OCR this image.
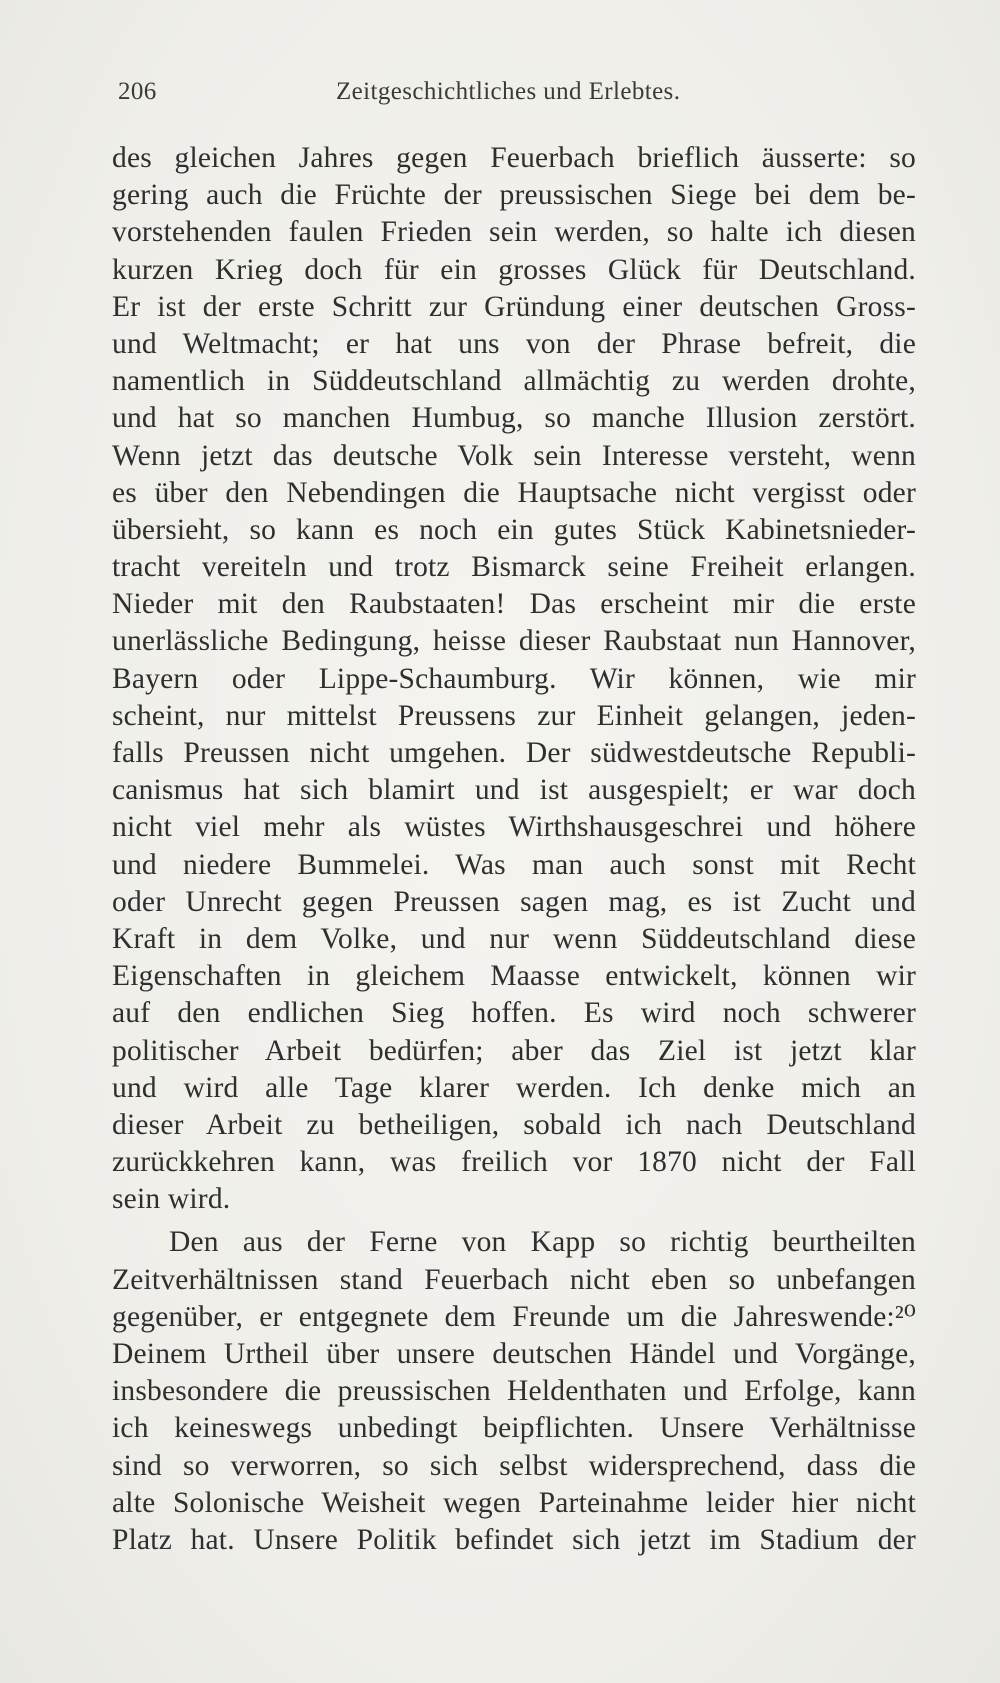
206	Zeitgeschichtliches und Erlebtes.
des gleichen Jahres gegen Feuerbach brieflich äusserte: so
gering auch die Früchte der preussischen Siege bei dem be-
vorstehenden faulen Frieden sein werden, so halte ich diesen
kurzen Krieg doch für ein grosses Glück für Deutschland.
Er ist der erste Schritt zur Gründung einer deutschen Gross-
und Weltmacht; er hat uns von der Phrase befreit, die
namentlich in Süddeutschland allmächtig zu werden drohte,
und hat so manchen Humbug, so manche Illusion zerstört.
Wenn jetzt das deutsche Volk sein Interesse versteht, wenn
es über den Nebendingen die Hauptsache nicht vergisst oder
übersieht, so kann es noch ein gutes Stück Kabinetsnieder-
tracht vereiteln und trotz Bismarck seine Freiheit erlangen.
Nieder mit den Raubstaaten! Das erscheint mir die erste
unerlässliche Bedingung, heisse dieser Raubstaat nun Hannover,
Bayern oder Lippe-Schaumburg. Wir können, wie mir
scheint, nur mittelst Preussens zur Einheit gelangen, jeden-
falls Preussen nicht umgehen. Der südwestdeutsche Republi-
canismus hat sich blamirt und ist ausgespielt; er war doch
nicht viel mehr als wüstes Wirthshausgeschrei und höhere
und niedere Bummelei. Was man auch sonst mit Recht
oder Unrecht gegen Preussen sagen mag, es ist Zucht und
Kraft in dem Volke, und nur wenn Süddeutschland diese
Eigenschaften in gleichem Maasse entwickelt, können wir
auf den endlichen Sieg hoffen. Es wird noch schwerer
politischer Arbeit bedürfen; aber das Ziel ist jetzt klar
und wird alle Tage klarer werden. Ich denke mich an
dieser Arbeit zu betheiligen, sobald ich nach Deutschland
zurückkehren kann, was freilich vor 1870 nicht der Fall
sein wird.
Den aus der Ferne von Kapp so richtig beurtheilten
Zeitverhältnissen stand Feuerbach nicht eben so unbefangen
gegenüber, er entgegnete dem Freunde um die Jahreswende:²⁰
Deinem Urtheil über unsere deutschen Händel und Vorgänge,
insbesondere die preussischen Heldenthaten und Erfolge, kann
ich keineswegs unbedingt beipflichten. Unsere Verhältnisse
sind so verworren, so sich selbst widersprechend, dass die
alte Solonische Weisheit wegen Parteinahme leider hier nicht
Platz hat. Unsere Politik befindet sich jetzt im Stadium der
